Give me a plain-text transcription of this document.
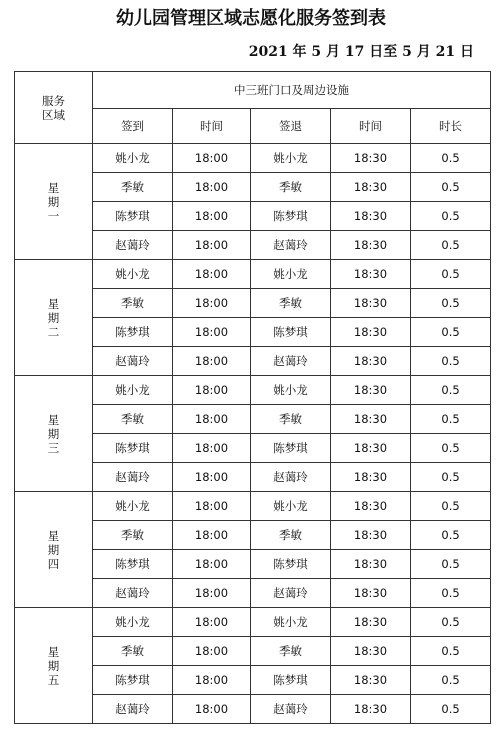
幼儿园管理区域志愿化服务签到表
2021 年 5 月 17 日至 5 月 21 日
服务
区域	中三班门口及周边设施				
	签到	时间	签退	时间	时长

星
期
一	姚小龙	18:00	姚小龙	18:30	0.5
	季敏	18:00	季敏	18:30	0.5
	陈梦琪	18:00	陈梦琪	18:30	0.5
	赵蔼玲	18:00	赵蔼玲	18:30	0.5

星
期
二	姚小龙	18:00	姚小龙	18:30	0.5
	季敏	18:00	季敏	18:30	0.5
	陈梦琪	18:00	陈梦琪	18:30	0.5
	赵蔼玲	18:00	赵蔼玲	18:30	0.5

星
期
三	姚小龙	18:00	姚小龙	18:30	0.5
	季敏	18:00	季敏	18:30	0.5
	陈梦琪	18:00	陈梦琪	18:30	0.5
	赵蔼玲	18:00	赵蔼玲	18:30	0.5

星
期
四	姚小龙	18:00	姚小龙	18:30	0.5
	季敏	18:00	季敏	18:30	0.5
	陈梦琪	18:00	陈梦琪	18:30	0.5
	赵蔼玲	18:00	赵蔼玲	18:30	0.5

星
期
五	姚小龙	18:00	姚小龙	18:30	0.5
	季敏	18:00	季敏	18:30	0.5
	陈梦琪	18:00	陈梦琪	18:30	0.5
	赵蔼玲	18:00	赵蔼玲	18:30	0.5
